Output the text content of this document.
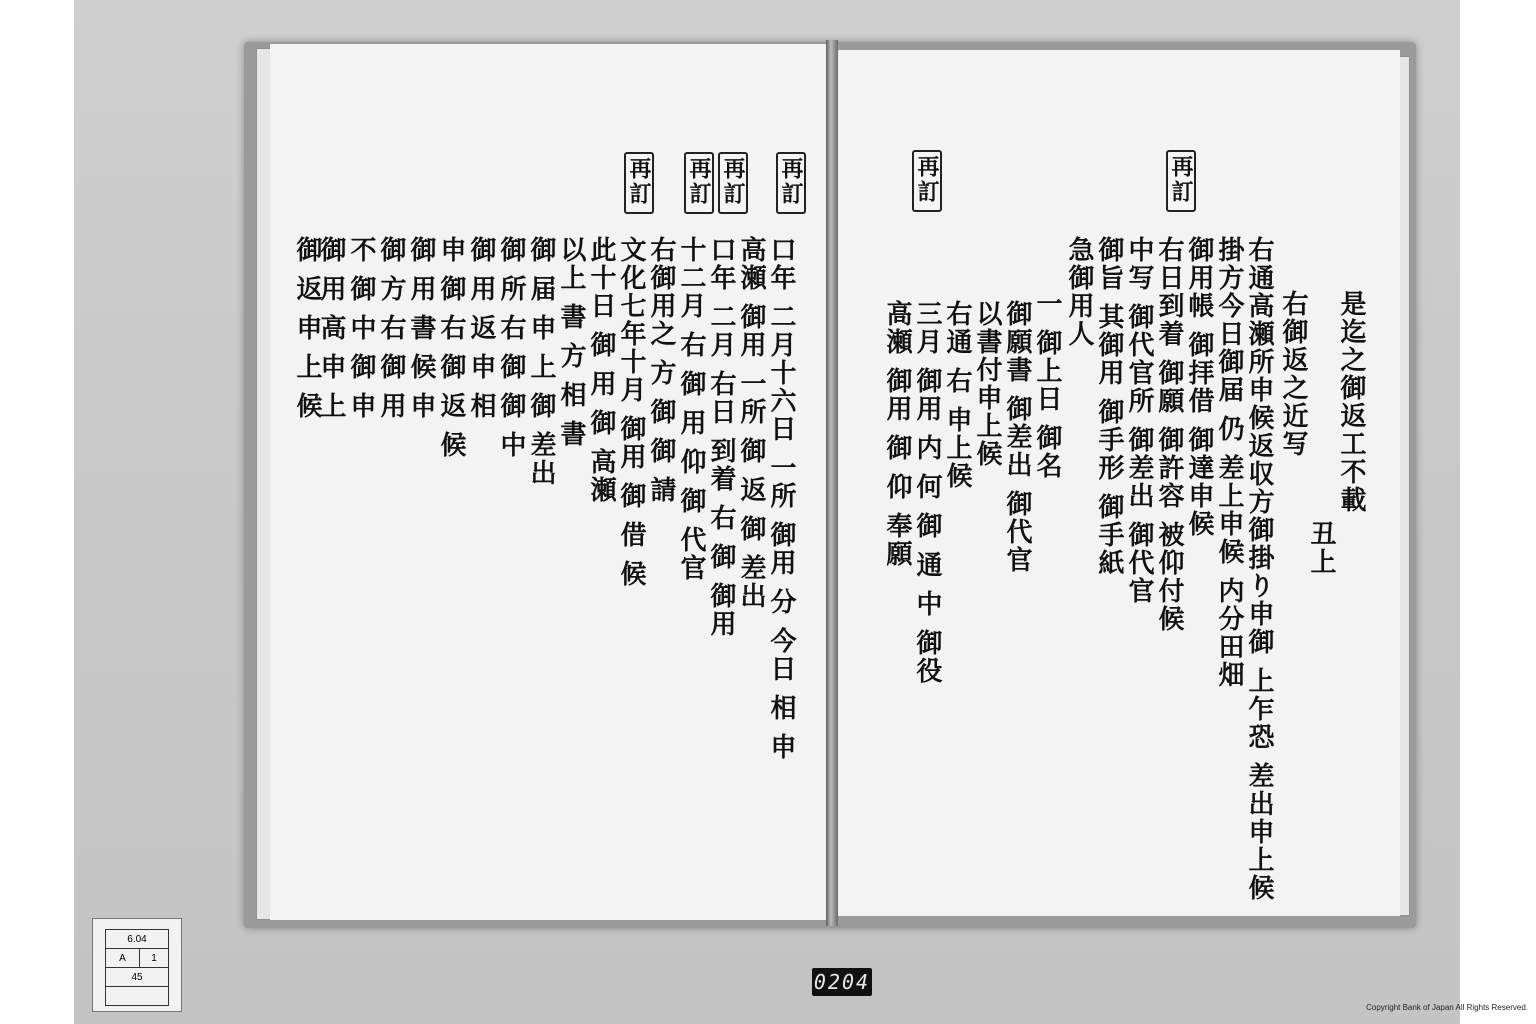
再
訂
再
訂
再
訂
再
訂
再
訂
再
訂
是迄之御返工不載
丑上
右御返之近写
右通高瀬所申候返収方御掛り申御 上乍恐 差出申上候
掛方今日御届 仍 差上申候 内分田畑
御用帳 御拝借 御達申候
右日到着 御願 御許容 被仰付候
中写 御代官所 御差出 御代官
御旨 其御用 御手形 御手紙
急御用人
一 御上日 御名
御願書 御差出 御代官
以書付申上候
右通 右 申上候
三月 御用 内 何 御 通 中 御役
高瀬 御用 御 仰 奉願
口年 二月十六日 一所 御用 分 今日 相 申
高瀬 御用 一所 御 返 御 差出
口年 二月 右日 到着 右 御 御用
十二月 右 御 用 仰 御 代官
右御用之 方 御 御 請
文化七年十月 御用 御 借 候
此十日 御 用 御 高瀬
以上 書 方 相 書
御 届 申 上 御 差出
御 所 右 御 御 中
御 用 返 申 相
申 御 右 御 返 候
御 用 書 候 申
御 方 右 御 用
不 御 中 御 申
御 用 高 申 上
御 返 申 上 候
6.04
A	1
45	0204
Copyright Bank of Japan All Rights Reserved.
